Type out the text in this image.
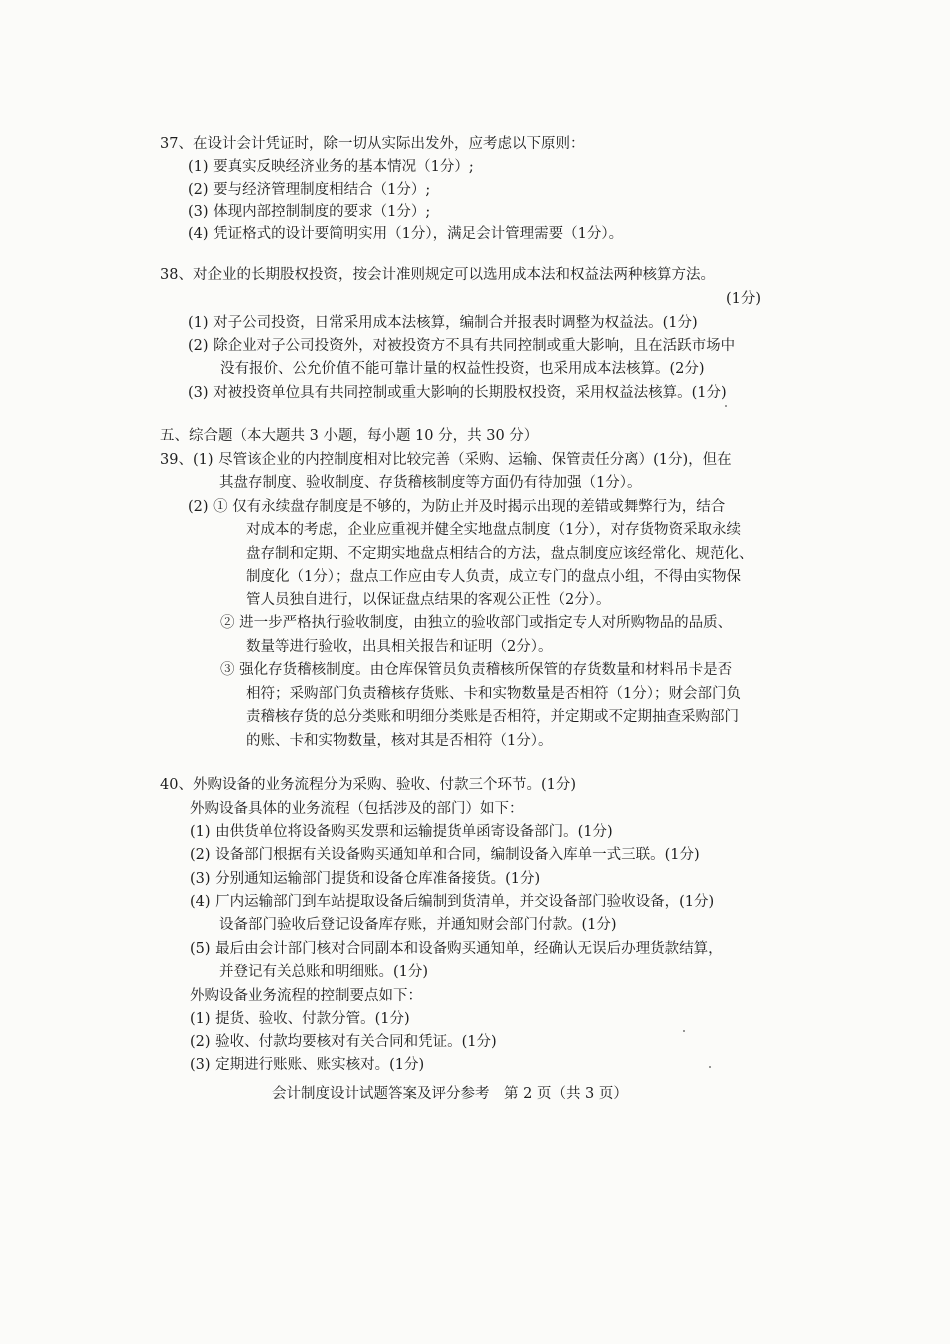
37、在设计会计凭证时，除一切从实际出发外，应考虑以下原则：
(1) 要真实反映经济业务的基本情况（1分）;
(2) 要与经济管理制度相结合（1分）;
(3) 体现内部控制制度的要求（1分）;
(4) 凭证格式的设计要简明实用（1分），满足会计管理需要（1分）。
38、对企业的长期股权投资，按会计准则规定可以选用成本法和权益法两种核算方法。
(1分)
(1) 对子公司投资，日常采用成本法核算，编制合并报表时调整为权益法。(1分)
(2) 除企业对子公司投资外，对被投资方不具有共同控制或重大影响，且在活跃市场中
没有报价、公允价值不能可靠计量的权益性投资，也采用成本法核算。(2分)
(3) 对被投资单位具有共同控制或重大影响的长期股权投资，采用权益法核算。(1分)
五、综合题（本大题共 3 小题，每小题 10 分，共 30 分）
39、(1) 尽管该企业的内控制度相对比较完善（采购、运输、保管责任分离）(1分)，但在
其盘存制度、验收制度、存货稽核制度等方面仍有待加强（1分）。
(2) ① 仅有永续盘存制度是不够的，为防止并及时揭示出现的差错或舞弊行为，结合
对成本的考虑，企业应重视并健全实地盘点制度（1分），对存货物资采取永续
盘存制和定期、不定期实地盘点相结合的方法，盘点制度应该经常化、规范化、
制度化（1分）；盘点工作应由专人负责，成立专门的盘点小组，不得由实物保
管人员独自进行，以保证盘点结果的客观公正性（2分）。
② 进一步严格执行验收制度，由独立的验收部门或指定专人对所购物品的品质、
数量等进行验收，出具相关报告和证明（2分）。
③ 强化存货稽核制度。由仓库保管员负责稽核所保管的存货数量和材料吊卡是否
相符；采购部门负责稽核存货账、卡和实物数量是否相符（1分）；财会部门负
责稽核存货的总分类账和明细分类账是否相符，并定期或不定期抽查采购部门
的账、卡和实物数量，核对其是否相符（1分）。
40、外购设备的业务流程分为采购、验收、付款三个环节。(1分)
外购设备具体的业务流程（包括涉及的部门）如下：
(1) 由供货单位将设备购买发票和运输提货单函寄设备部门。(1分)
(2) 设备部门根据有关设备购买通知单和合同，编制设备入库单一式三联。(1分)
(3) 分别通知运输部门提货和设备仓库准备接货。(1分)
(4) 厂内运输部门到车站提取设备后编制到货清单，并交设备部门验收设备，(1分)
设备部门验收后登记设备库存账，并通知财会部门付款。(1分)
(5) 最后由会计部门核对合同副本和设备购买通知单，经确认无误后办理货款结算，
并登记有关总账和明细账。(1分)
外购设备业务流程的控制要点如下：
(1) 提货、验收、付款分管。(1分)
(2) 验收、付款均要核对有关合同和凭证。(1分)
(3) 定期进行账账、账实核对。(1分)
会计制度设计试题答案及评分参考　第 2 页（共 3 页）
